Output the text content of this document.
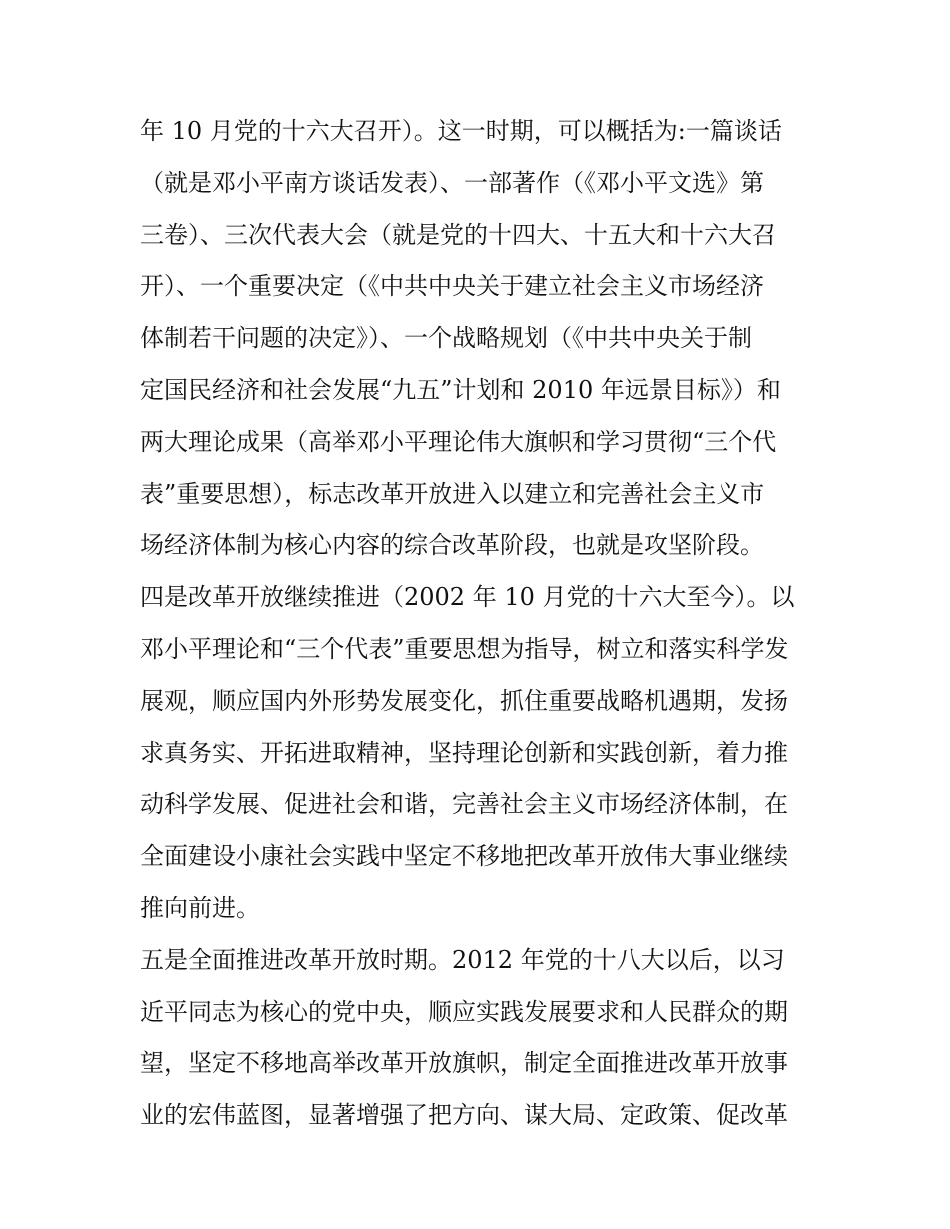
年 10 月党的十六大召开）。这一时期，可以概括为:一篇谈话
（就是邓小平南方谈话发表）、一部著作（《邓小平文选》第
三卷）、三次代表大会（就是党的十四大、十五大和十六大召
开）、一个重要决定（《中共中央关于建立社会主义市场经济
体制若干问题的决定》）、一个战略规划（《中共中央关于制
定国民经济和社会发展“九五”计划和 2010 年远景目标》）和
两大理论成果（高举邓小平理论伟大旗帜和学习贯彻“三个代
表”重要思想），标志改革开放进入以建立和完善社会主义市
场经济体制为核心内容的综合改革阶段，也就是攻坚阶段。
四是改革开放继续推进（2002 年 10 月党的十六大至今）。以
邓小平理论和“三个代表”重要思想为指导，树立和落实科学发
展观，顺应国内外形势发展变化，抓住重要战略机遇期，发扬
求真务实、开拓进取精神，坚持理论创新和实践创新，着力推
动科学发展、促进社会和谐，完善社会主义市场经济体制，在
全面建设小康社会实践中坚定不移地把改革开放伟大事业继续
推向前进。
五是全面推进改革开放时期。2012 年党的十八大以后，以习
近平同志为核心的党中央，顺应实践发展要求和人民群众的期
望，坚定不移地高举改革开放旗帜，制定全面推进改革开放事
业的宏伟蓝图，显著增强了把方向、谋大局、定政策、促改革
